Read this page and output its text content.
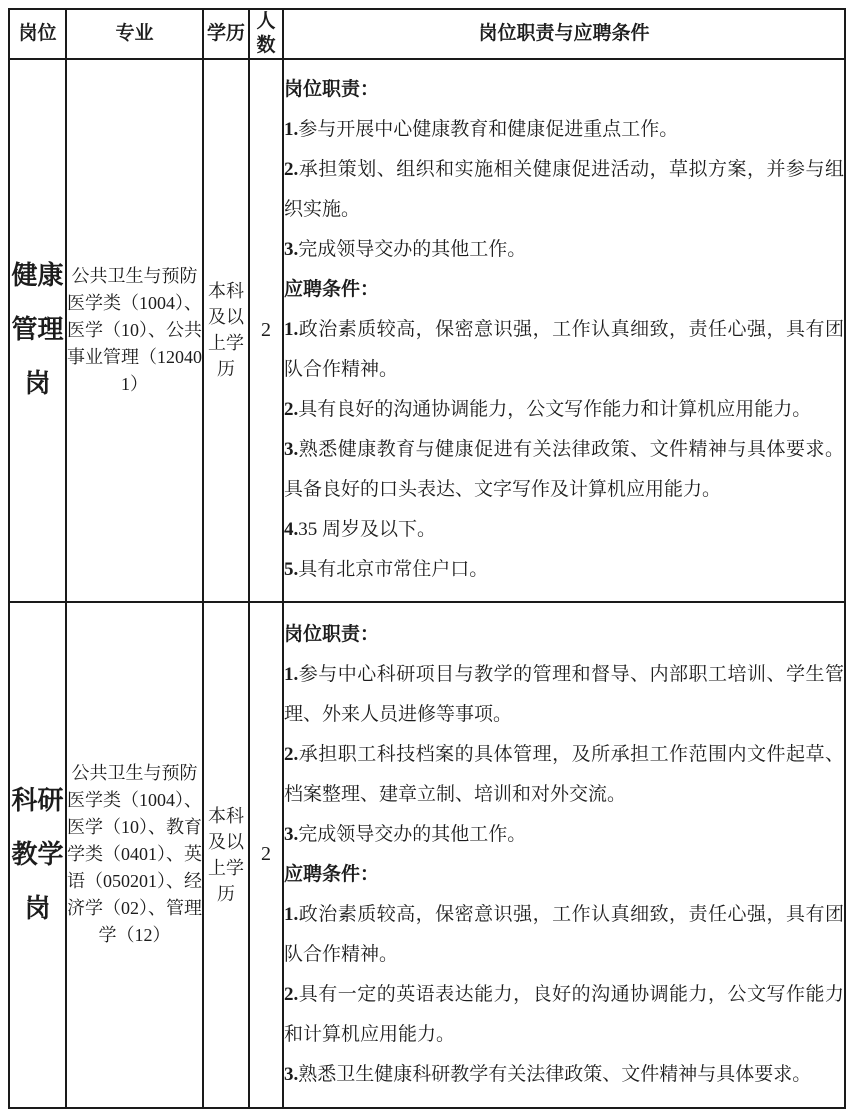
岗位	专业	学历	人数	岗位职责与应聘条件
健康管理岗	公共卫生与预防医学类（1004）、医学（10）、公共事业管理（120401）	本科及以上学历	2	

岗位职责：

1.参与开展中心健康教育和健康促进重点工作。

2.承担策划、组织和实施相关健康促进活动，草拟方案，并参与组织实施。

3.完成领导交办的其他工作。

应聘条件：

1.政治素质较高，保密意识强，工作认真细致，责任心强，具有团队合作精神。

2.具有良好的沟通协调能力，公文写作能力和计算机应用能力。

3.熟悉健康教育与健康促进有关法律政策、文件精神与具体要求。具备良好的口头表达、文字写作及计算机应用能力。

4.35 周岁及以下。

5.具有北京市常住户口。

科研教学岗	公共卫生与预防医学类（1004）、医学（10）、教育学类（0401）、英语（050201）、经济学（02）、管理学（12）	本科及以上学历	2	

岗位职责：

1.参与中心科研项目与教学的管理和督导、内部职工培训、学生管理、外来人员进修等事项。

2.承担职工科技档案的具体管理，及所承担工作范围内文件起草、档案整理、建章立制、培训和对外交流。

3.完成领导交办的其他工作。

应聘条件：

1.政治素质较高，保密意识强，工作认真细致，责任心强，具有团队合作精神。

2.具有一定的英语表达能力，良好的沟通协调能力，公文写作能力和计算机应用能力。

3.熟悉卫生健康科研教学有关法律政策、文件精神与具体要求。
